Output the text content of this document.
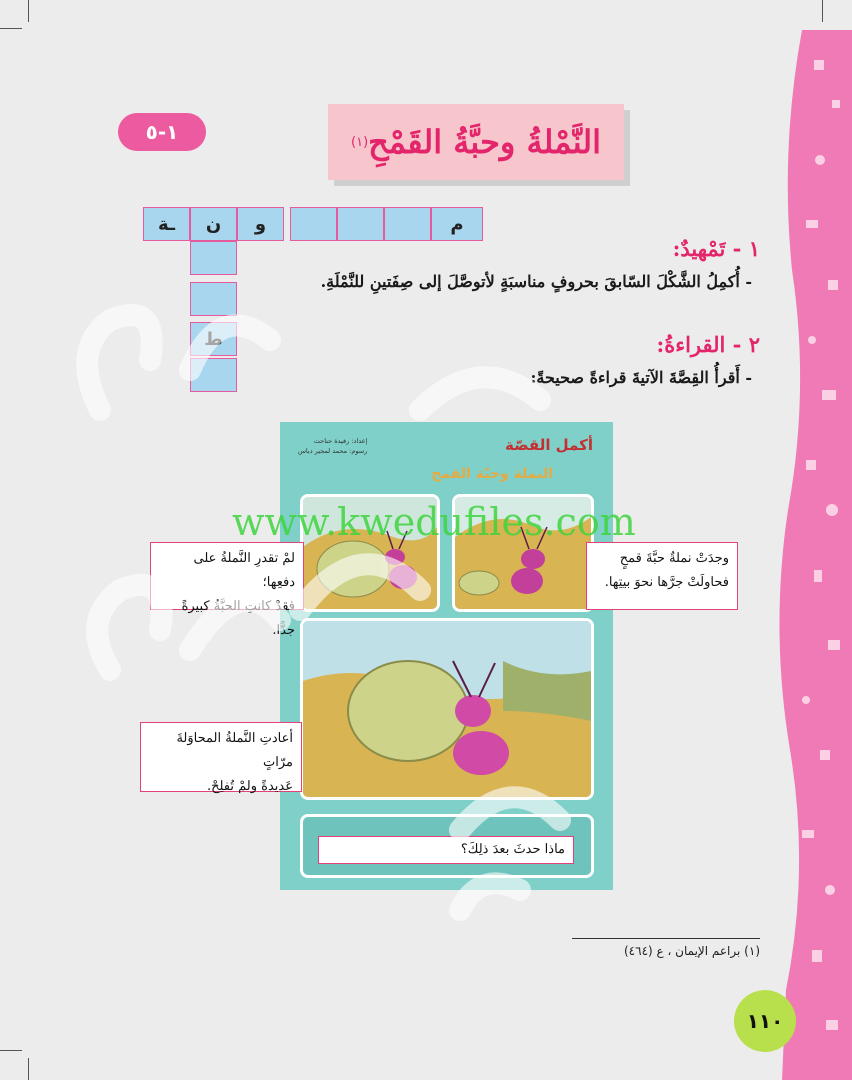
١-٥	النَّمْلةُ وحبَّةُ القَمْحِ
(١)
ـة	ن	و	م
ط
١ - تَمْهيدٌ:
- أُكمِلُ الشَّكْلَ السّابقَ بحروفٍ مناسبَةٍ لأتوصَّلَ إلى صِفَتينِ للنَّمْلَةِ.
٢ - القراءةُ:
- أَقرأُ القِصَّةَ الآتيةَ قراءةً صحيحةً:
أكمل القصّة
النملة وحبّة القمح
إعداد: رفيدة حناحت
رسوم: محمد لمجير دياس
وجدَتْ نملةٌ حبَّةَ قمحٍ
فحاولَتْ جرَّها نحوَ بيتِها.
لمْ تقدرِ النَّملةُ على دفعِها؛
فقدْ كانتِ الحبَّةُ كبيرةً جدًّا.
أعادتِ النَّملةُ المحاوَلةَ مرّاتٍ
عَديدةً ولمْ تُفلِحْ.
ماذا حدثَ بعدَ ذلِكَ؟
www.kwedufiles.com
(١) براعم الإيمان ، ع (٤٦٤)
١١٠
